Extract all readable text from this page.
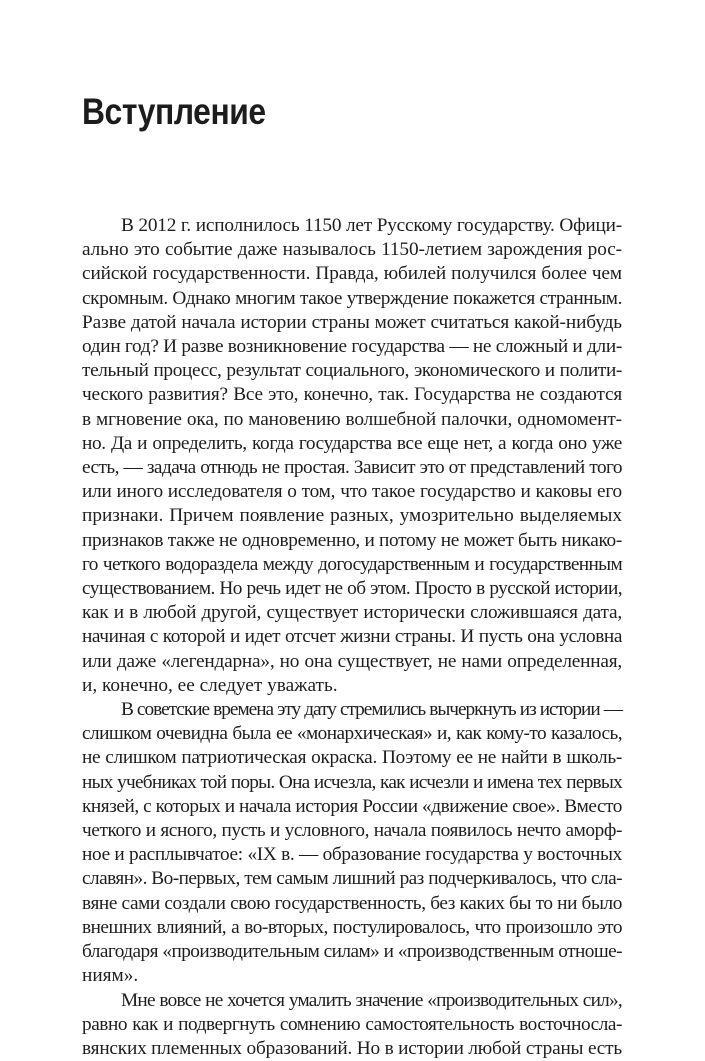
Вступление
В 2012 г. исполнилось 1150 лет Русскому государству. Офици-
ально это событие даже называлось 1150-летием зарождения рос-
сийской государственности. Правда, юбилей получился более чем
скромным. Однако многим такое утверждение покажется странным.
Разве датой начала истории страны может считаться какой-нибудь
один год? И разве возникновение государства — не сложный и дли-
тельный процесс, результат социального, экономического и полити-
ческого развития? Все это, конечно, так. Государства не создаются
в мгновение ока, по мановению волшебной палочки, одномомент-
но. Да и определить, когда государства все еще нет, а когда оно уже
есть, — задача отнюдь не простая. Зависит это от представлений того
или иного исследователя о том, что такое государство и каковы его
признаки. Причем появление разных, умозрительно выделяемых
признаков также не одновременно, и потому не может быть никако-
го четкого водораздела между догосударственным и государственным
существованием. Но речь идет не об этом. Просто в русской истории,
как и в любой другой, существует исторически сложившаяся дата,
начиная с которой и идет отсчет жизни страны. И пусть она условна
или даже «легендарна», но она существует, не нами определенная,
и, конечно, ее следует уважать.
В советские времена эту дату стремились вычеркнуть из истории —
слишком очевидна была ее «монархическая» и, как кому-то казалось,
не слишком патриотическая окраска. Поэтому ее не найти в школь-
ных учебниках той поры. Она исчезла, как исчезли и имена тех первых
князей, с которых и начала история России «движение свое». Вместо
четкого и ясного, пусть и условного, начала появилось нечто аморф-
ное и расплывчатое: «IX в. — образование государства у восточных
славян». Во-первых, тем самым лишний раз подчеркивалось, что сла-
вяне сами создали свою государственность, без каких бы то ни было
внешних влияний, а во-вторых, постулировалось, что произошло это
благодаря «производительным силам» и «производственным отноше-
ниям».
Мне вовсе не хочется умалить значение «производительных сил»,
равно как и подвергнуть сомнению самостоятельность восточносла-
вянских племенных образований. Но в истории любой страны есть
